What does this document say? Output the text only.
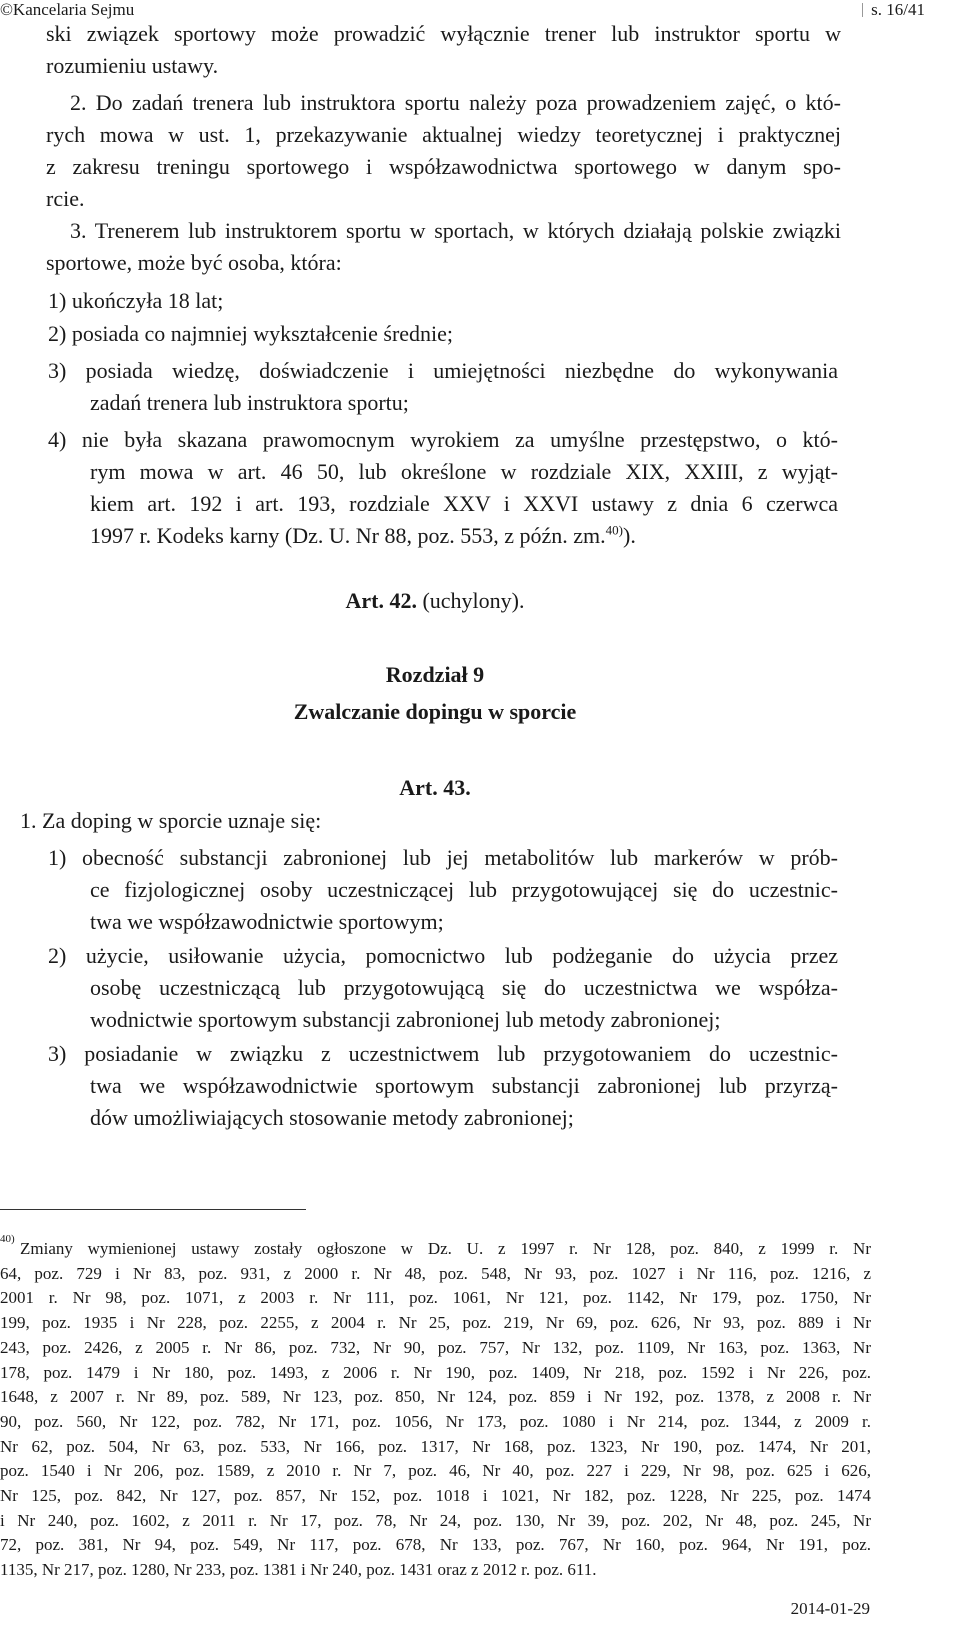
©Kancelaria Sejmu	s. 16/41
ski związek sportowy może prowadzić wyłącznie trener lub instruktor sportu w
rozumieniu ustawy.
2. Do zadań trenera lub instruktora sportu należy poza prowadzeniem zajęć, o któ-
rych mowa w ust. 1, przekazywanie aktualnej wiedzy teoretycznej i praktycznej
z zakresu treningu sportowego i współzawodnictwa sportowego w danym spo-
rcie.
3. Trenerem lub instruktorem sportu w sportach, w których działają polskie związki
sportowe, może być osoba, która:
1) ukończyła 18 lat;
2) posiada co najmniej wykształcenie średnie;
3) posiada wiedzę, doświadczenie i umiejętności niezbędne do wykonywania
zadań trenera lub instruktora sportu;
4) nie była skazana prawomocnym wyrokiem za umyślne przestępstwo, o któ-
rym mowa w art. 46 50, lub określone w rozdziale XIX, XXIII, z wyjąt-
kiem art. 192 i art. 193, rozdziale XXV i XXVI ustawy z dnia 6 czerwca
1997 r. Kodeks karny (Dz. U. Nr 88, poz. 553, z późn. zm.$^{40)}$).
Art. 42. (uchylony).
Rozdział 9
Zwalczanie dopingu w sporcie
Art. 43.
1. Za doping w sporcie uznaje się:
1) obecność substancji zabronionej lub jej metabolitów lub markerów w prób-
ce fizjologicznej osoby uczestniczącej lub przygotowującej się do uczestnic-
twa we współzawodnictwie sportowym;
2) użycie, usiłowanie użycia, pomocnictwo lub podżeganie do użycia przez
osobę uczestniczącą lub przygotowującą się do uczestnictwa we współza-
wodnictwie sportowym substancji zabronionej lub metody zabronionej;
3) posiadanie w związku z uczestnictwem lub przygotowaniem do uczestnic-
twa we współzawodnictwie sportowym substancji zabronionej lub przyrzą-
dów umożliwiających stosowanie metody zabronionej;
40) Zmiany wymienionej ustawy zostały ogłoszone w Dz. U. z 1997 r. Nr 128, poz. 840, z 1999 r. Nr
64, poz. 729 i Nr 83, poz. 931, z 2000 r. Nr 48, poz. 548, Nr 93, poz. 1027 i Nr 116, poz. 1216, z
2001 r. Nr 98, poz. 1071, z 2003 r. Nr 111, poz. 1061, Nr 121, poz. 1142, Nr 179, poz. 1750, Nr
199, poz. 1935 i Nr 228, poz. 2255, z 2004 r. Nr 25, poz. 219, Nr 69, poz. 626, Nr 93, poz. 889 i Nr
243, poz. 2426, z 2005 r. Nr 86, poz. 732, Nr 90, poz. 757, Nr 132, poz. 1109, Nr 163, poz. 1363, Nr
178, poz. 1479 i Nr 180, poz. 1493, z 2006 r. Nr 190, poz. 1409, Nr 218, poz. 1592 i Nr 226, poz.
1648, z 2007 r. Nr 89, poz. 589, Nr 123, poz. 850, Nr 124, poz. 859 i Nr 192, poz. 1378, z 2008 r. Nr
90, poz. 560, Nr 122, poz. 782, Nr 171, poz. 1056, Nr 173, poz. 1080 i Nr 214, poz. 1344, z 2009 r.
Nr 62, poz. 504, Nr 63, poz. 533, Nr 166, poz. 1317, Nr 168, poz. 1323, Nr 190, poz. 1474, Nr 201,
poz. 1540 i Nr 206, poz. 1589, z 2010 r. Nr 7, poz. 46, Nr 40, poz. 227 i 229, Nr 98, poz. 625 i 626,
Nr 125, poz. 842, Nr 127, poz. 857, Nr 152, poz. 1018 i 1021, Nr 182, poz. 1228, Nr 225, poz. 1474
i Nr 240, poz. 1602, z 2011 r. Nr 17, poz. 78, Nr 24, poz. 130, Nr 39, poz. 202, Nr 48, poz. 245, Nr
72, poz. 381, Nr 94, poz. 549, Nr 117, poz. 678, Nr 133, poz. 767, Nr 160, poz. 964, Nr 191, poz.
1135, Nr 217, poz. 1280, Nr 233, poz. 1381 i Nr 240, poz. 1431 oraz z 2012 r. poz. 611.
2014-01-29
